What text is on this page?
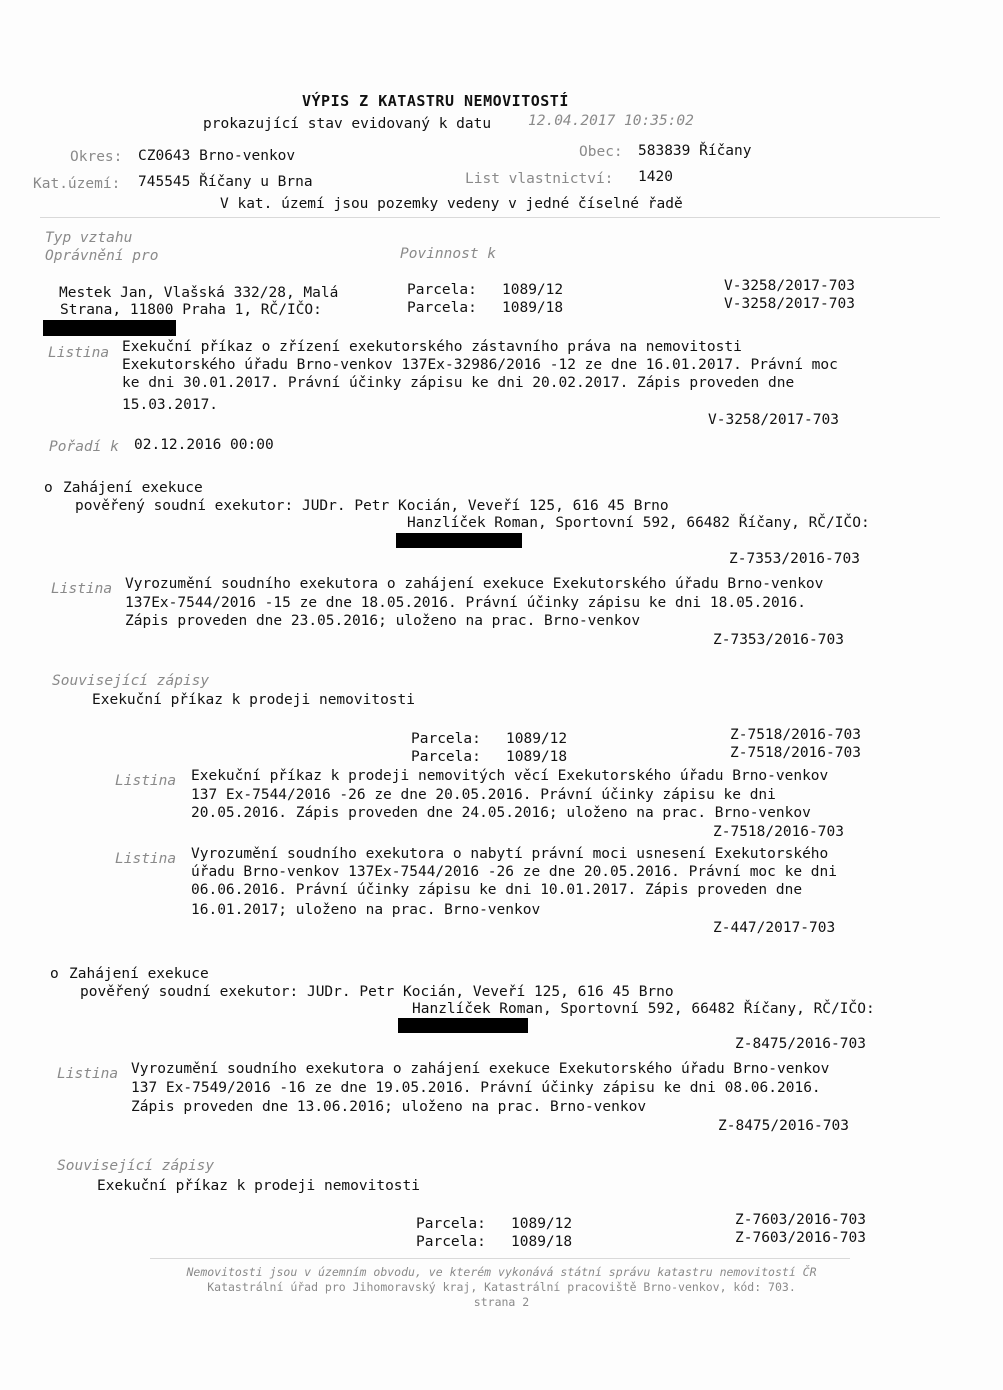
VÝPIS Z KATASTRU NEMOVITOSTÍ
prokazující stav evidovaný k datu	12.04.2017 10:35:02
Okres: CZ0643 Brno-venkov	Obec: 583839 Říčany
Kat.území: 745545 Říčany u Brna	List vlastnictví: 1420
V kat. území jsou pozemky vedeny v jedné číselné řadě
Typ vztahu
Oprávnění pro	Povinnost k
Mestek Jan, Vlašská 332/28, Malá
Strana, 11800 Praha 1, RČ/IČO:
Parcela: 1089/12	V-3258/2017-703
Parcela: 1089/18	V-3258/2017-703
Listina Exekuční příkaz o zřízení exekutorského zástavního práva na nemovitosti
Exekutorského úřadu Brno-venkov 137Ex-32986/2016 -12 ze dne 16.01.2017. Právní moc
ke dni 30.01.2017. Právní účinky zápisu ke dni 20.02.2017. Zápis proveden dne
15.03.2017.
V-3258/2017-703
Pořadí k 02.12.2016 00:00
o Zahájení exekuce
pověřený soudní exekutor: JUDr. Petr Kocián, Veveří 125, 616 45 Brno
Hanzlíček Roman, Sportovní 592, 66482 Říčany, RČ/IČO:
Z-7353/2016-703
Listina Vyrozumění soudního exekutora o zahájení exekuce Exekutorského úřadu Brno-venkov
137Ex-7544/2016 -15 ze dne 18.05.2016. Právní účinky zápisu ke dni 18.05.2016.
Zápis proveden dne 23.05.2016; uloženo na prac. Brno-venkov
Z-7353/2016-703
Související zápisy
Exekuční příkaz k prodeji nemovitosti
Parcela: 1089/12	Z-7518/2016-703
Parcela: 1089/18	Z-7518/2016-703
Listina Exekuční příkaz k prodeji nemovitých věcí Exekutorského úřadu Brno-venkov
137 Ex-7544/2016 -26 ze dne 20.05.2016. Právní účinky zápisu ke dni
20.05.2016. Zápis proveden dne 24.05.2016; uloženo na prac. Brno-venkov
Z-7518/2016-703
Listina Vyrozumění soudního exekutora o nabytí právní moci usnesení Exekutorského
úřadu Brno-venkov 137Ex-7544/2016 -26 ze dne 20.05.2016. Právní moc ke dni
06.06.2016. Právní účinky zápisu ke dni 10.01.2017. Zápis proveden dne
16.01.2017; uloženo na prac. Brno-venkov
Z-447/2017-703
o Zahájení exekuce
pověřený soudní exekutor: JUDr. Petr Kocián, Veveří 125, 616 45 Brno
Hanzlíček Roman, Sportovní 592, 66482 Říčany, RČ/IČO:
Z-8475/2016-703
Listina Vyrozumění soudního exekutora o zahájení exekuce Exekutorského úřadu Brno-venkov
137 Ex-7549/2016 -16 ze dne 19.05.2016. Právní účinky zápisu ke dni 08.06.2016.
Zápis proveden dne 13.06.2016; uloženo na prac. Brno-venkov
Z-8475/2016-703
Související zápisy
Exekuční příkaz k prodeji nemovitosti
Parcela: 1089/12	Z-7603/2016-703
Parcela: 1089/18	Z-7603/2016-703
Nemovitosti jsou v územním obvodu, ve kterém vykonává státní správu katastru nemovitostí ČR
Katastrální úřad pro Jihomoravský kraj, Katastrální pracoviště Brno-venkov, kód: 703.
strana 2
